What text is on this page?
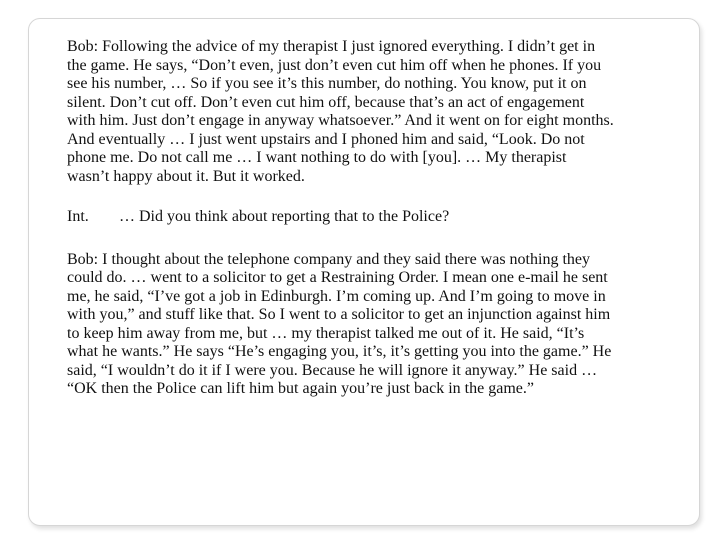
Bob: Following the advice of my therapist I just ignored everything. I didn’t get in
the game. He says, “Don’t even, just don’t even cut him off when he phones. If you
see his number, … So if you see it’s this number, do nothing. You know, put it on
silent. Don’t cut off. Don’t even cut him off, because that’s an act of engagement
with him. Just don’t engage in anyway whatsoever.” And it went on for eight months.
And eventually … I just went upstairs and I phoned him and said, “Look. Do not
phone me. Do not call me … I want nothing to do with [you]. … My therapist
wasn’t happy about it. But it worked.

Int. … Did you think about reporting that to the Police?

Bob: I thought about the telephone company and they said there was nothing they
could do. … went to a solicitor to get a Restraining Order. I mean one e-mail he sent
me, he said, “I’ve got a job in Edinburgh. I’m coming up. And I’m going to move in
with you,” and stuff like that. So I went to a solicitor to get an injunction against him
to keep him away from me, but … my therapist talked me out of it. He said, “It’s
what he wants.” He says “He’s engaging you, it’s, it’s getting you into the game.” He
said, “I wouldn’t do it if I were you. Because he will ignore it anyway.” He said …
“OK then the Police can lift him but again you’re just back in the game.”
